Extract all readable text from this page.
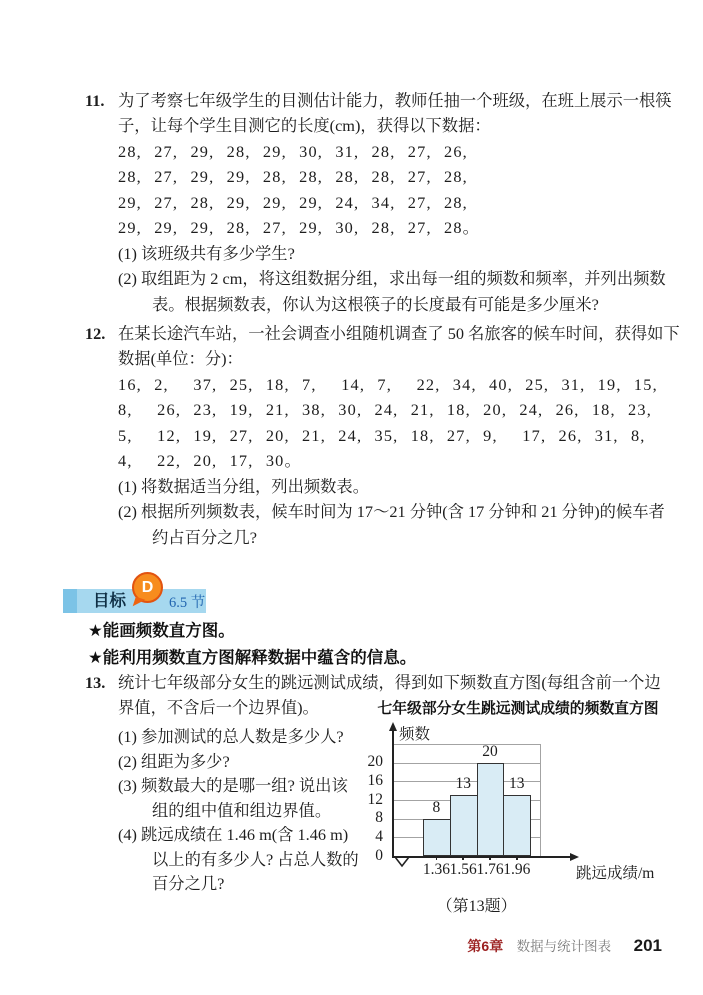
11. 为了考察七年级学生的目测估计能力，教师任抽一个班级，在班上展示一根筷
子，让每个学生目测它的长度(cm)，获得以下数据：
28, 27, 29, 28, 29, 30, 31, 28, 27, 26,
28, 27, 29, 29, 28, 28, 28, 28, 27, 28,
29, 27, 28, 29, 29, 29, 24, 34, 27, 28,
29, 29, 29, 28, 27, 29, 30, 28, 27, 28。
(1) 该班级共有多少学生?
(2) 取组距为 2 cm，将这组数据分组，求出每一组的频数和频率，并列出频数
表。根据频数表，你认为这根筷子的长度最有可能是多少厘米?
12. 在某长途汽车站，一社会调查小组随机调查了 50 名旅客的候车时间，获得如下
数据(单位：分)：
16, 2,  37, 25, 18, 7,  14, 7,  22, 34, 40, 25, 31, 19, 15,
8,  26, 23, 19, 21, 38, 30, 24, 21, 18, 20, 24, 26, 18, 23,
5,  12, 19, 27, 20, 21, 24, 35, 18, 27, 9,  17, 26, 31, 8,
4,  22, 20, 17, 30。
(1) 将数据适当分组，列出频数表。
(2) 根据所列频数表，候车时间为 17～21 分钟(含 17 分钟和 21 分钟)的候车者
约占百分之几?
目标
D
6.5 节
★能画频数直方图。
★能利用频数直方图解释数据中蕴含的信息。
13. 统计七年级部分女生的跳远测试成绩，得到如下频数直方图(每组含前一个边
界值，不含后一个边界值)。
(1) 参加测试的总人数是多少人?
(2) 组距为多少?
(3) 频数最大的是哪一组? 说出该
组的组中值和组边界值。
(4) 跳远成绩在 1.46 m(含 1.46 m)
以上的有多少人? 占总人数的
百分之几?
七年级部分女生跳远测试成绩的频数直方图
8
1.36
13
1.56
20
1.76
13
1.96
0
4
8
12
16
20
频数
跳远成绩/m
（第13题）
第6章 数据与统计图表 201
